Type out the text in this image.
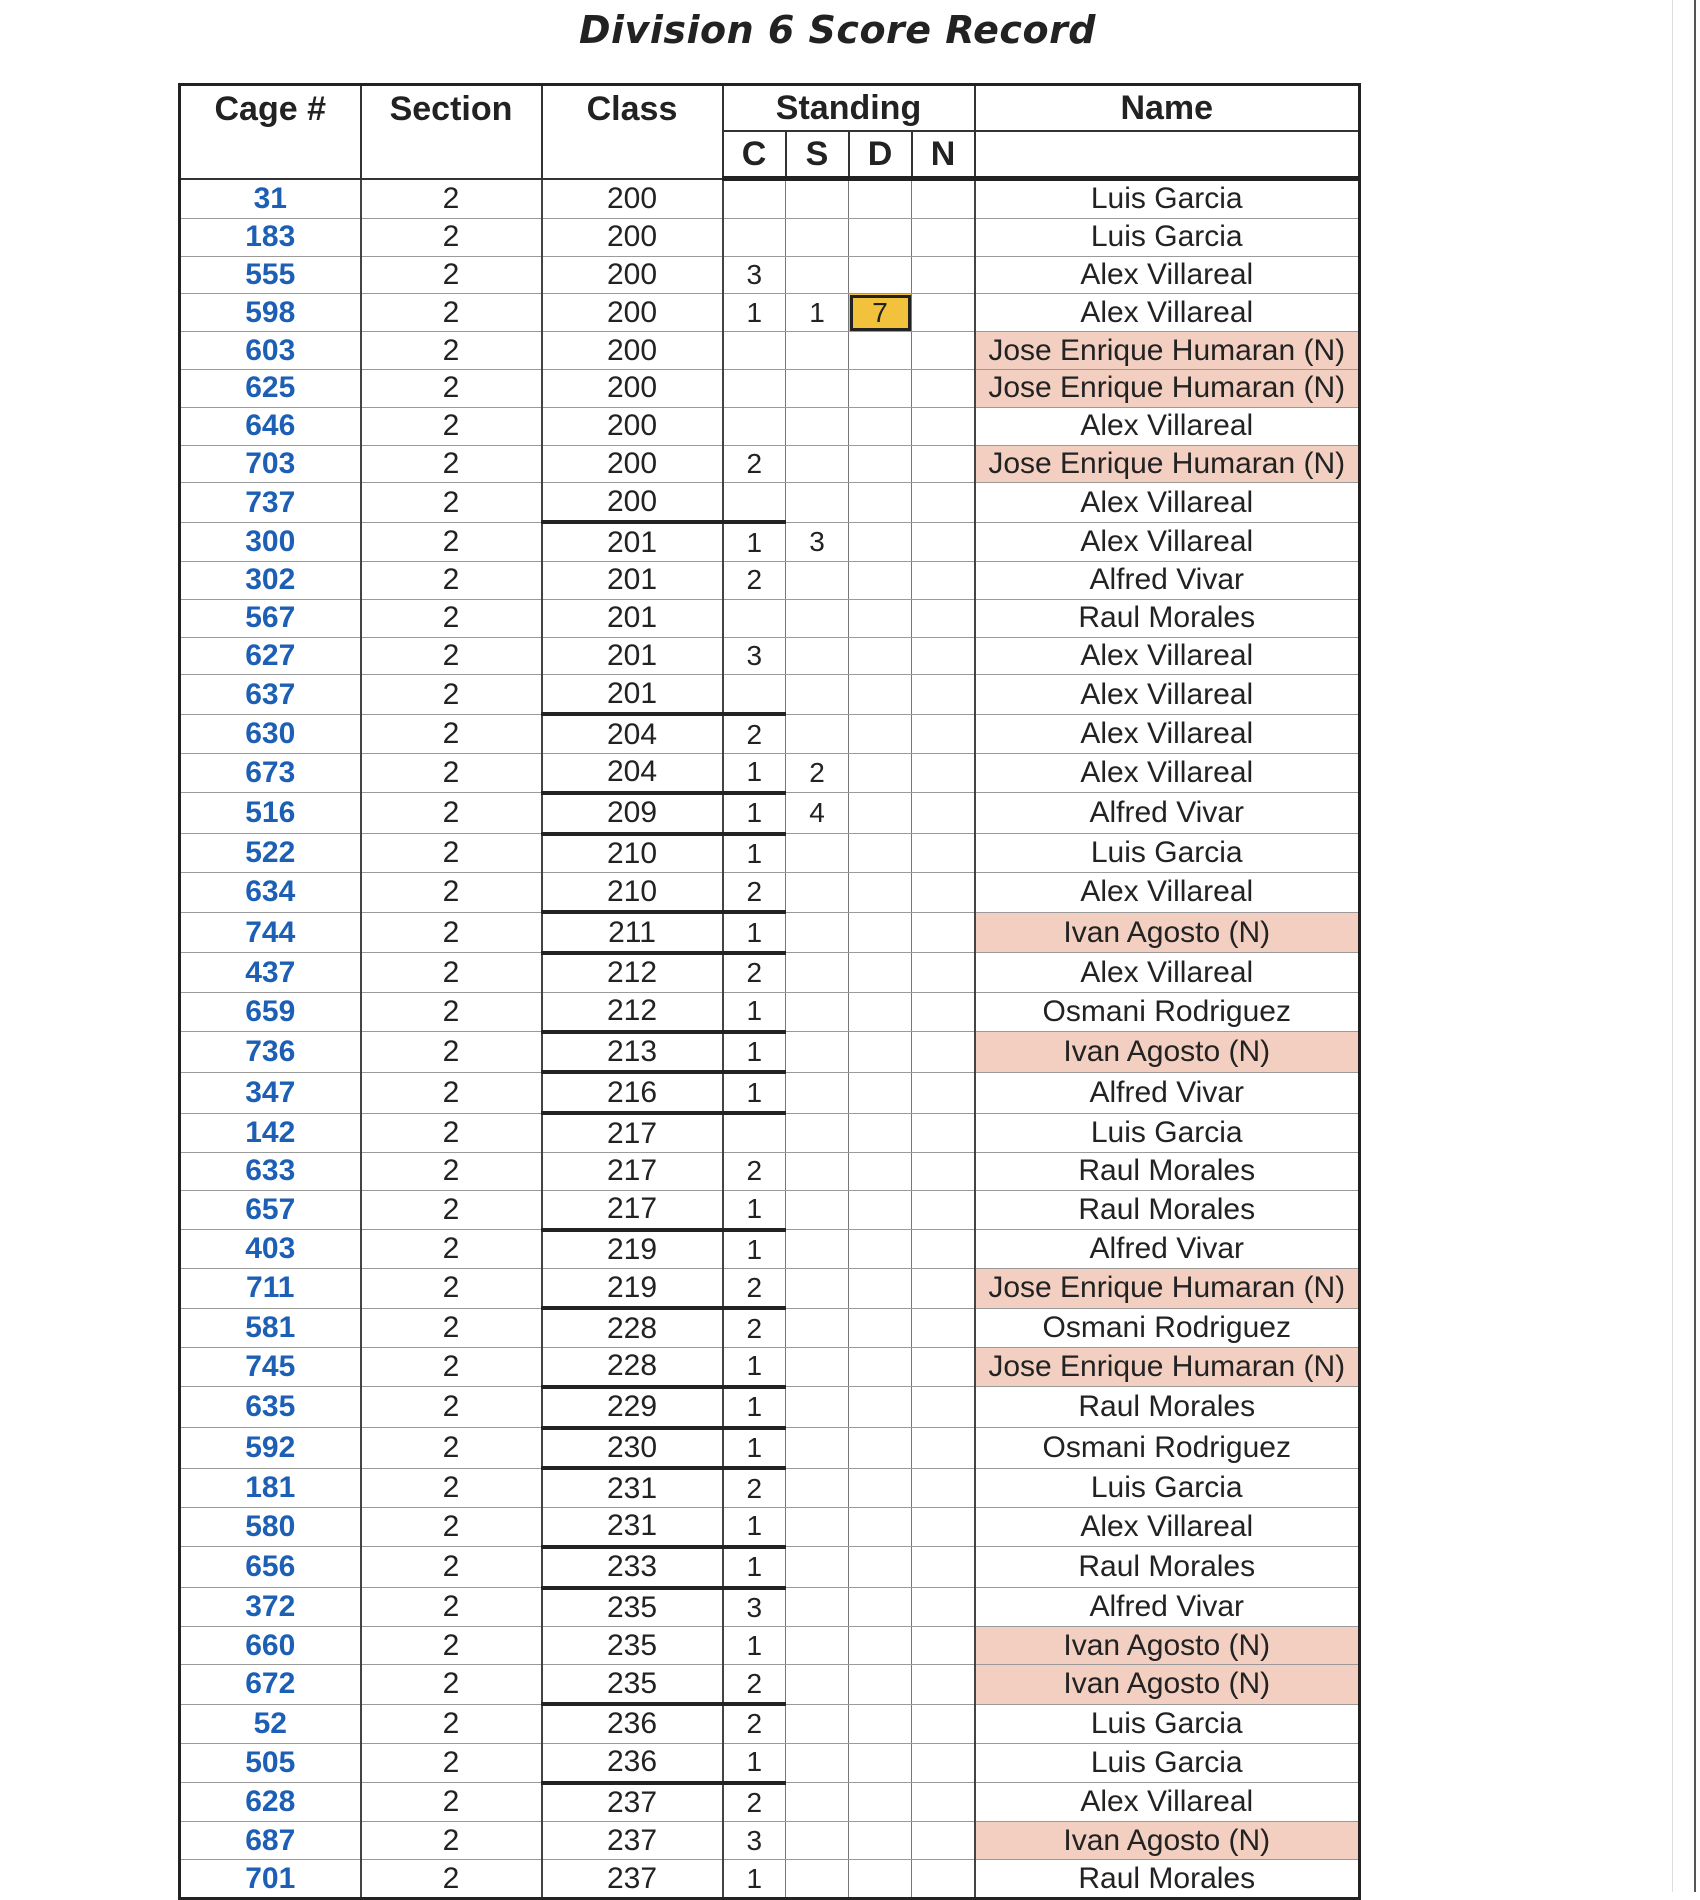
Division 6 Score Record
Cage #	Section	Class	Standing				Name
			C	S	D	N	
31	2	200					Luis Garcia
183	2	200					Luis Garcia
555	2	200	3				Alex Villareal
598	2	200	1	1	7		Alex Villareal
603	2	200					Jose Enrique Humaran (N)
625	2	200					Jose Enrique Humaran (N)
646	2	200					Alex Villareal
703	2	200	2				Jose Enrique Humaran (N)
737	2	200					Alex Villareal
300	2	201	1	3			Alex Villareal
302	2	201	2				Alfred Vivar
567	2	201					Raul Morales
627	2	201	3				Alex Villareal
637	2	201					Alex Villareal
630	2	204	2				Alex Villareal
673	2	204	1	2			Alex Villareal
516	2	209	1	4			Alfred Vivar
522	2	210	1				Luis Garcia
634	2	210	2				Alex Villareal
744	2	211	1				Ivan Agosto (N)
437	2	212	2				Alex Villareal
659	2	212	1				Osmani Rodriguez
736	2	213	1				Ivan Agosto (N)
347	2	216	1				Alfred Vivar
142	2	217					Luis Garcia
633	2	217	2				Raul Morales
657	2	217	1				Raul Morales
403	2	219	1				Alfred Vivar
711	2	219	2				Jose Enrique Humaran (N)
581	2	228	2				Osmani Rodriguez
745	2	228	1				Jose Enrique Humaran (N)
635	2	229	1				Raul Morales
592	2	230	1				Osmani Rodriguez
181	2	231	2				Luis Garcia
580	2	231	1				Alex Villareal
656	2	233	1				Raul Morales
372	2	235	3				Alfred Vivar
660	2	235	1				Ivan Agosto (N)
672	2	235	2				Ivan Agosto (N)
52	2	236	2				Luis Garcia
505	2	236	1				Luis Garcia
628	2	237	2				Alex Villareal
687	2	237	3				Ivan Agosto (N)
701	2	237	1				Raul Morales
